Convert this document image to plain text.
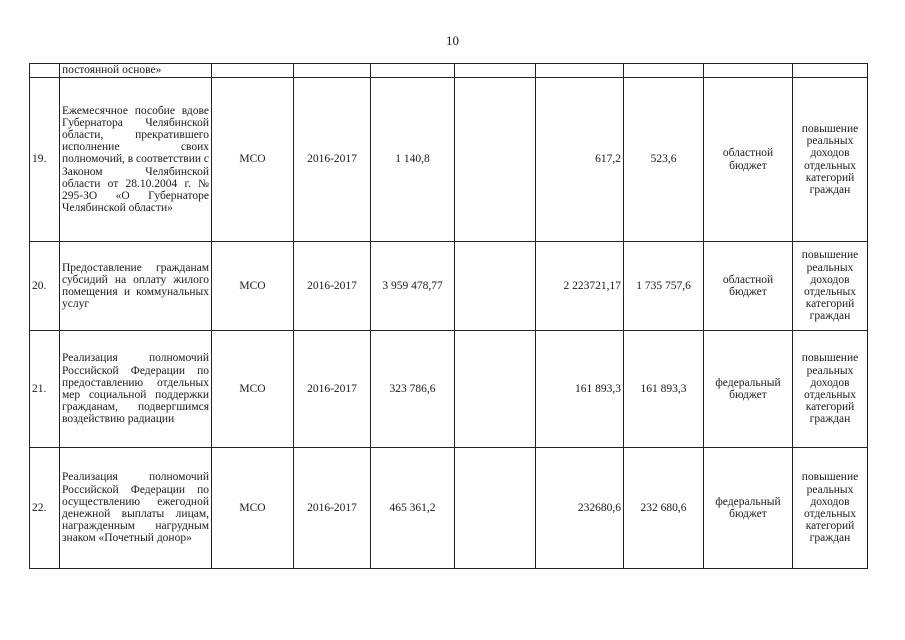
10
	постоянной основе»								
19.	Ежемесячное пособие вдове Губернатора Челябинской области, прекратившего исполнение своих полномочий, в соответствии с Законом Челябинской области от 28.10.2004 г. № 295-ЗО «О Губернаторе Челябинской области»	МСО	2016-2017	1 140,8		617,2	523,6	областной бюджет	повышение реальных доходов отдельных категорий граждан
20.	Предоставление гражданам субсидий на оплату жилого помещения и коммунальных услуг	МСО	2016-2017	3 959 478,77		2 223721,17	1 735 757,6	областной бюджет	повышение реальных доходов отдельных категорий граждан
21.	Реализация полномочий Российской Федерации по предоставлению отдельных мер социальной поддержки гражданам, подвергшимся воздействию радиации	МСО	2016-2017	323 786,6		161 893,3	161 893,3	федеральный бюджет	повышение реальных доходов отдельных категорий граждан
22.	Реализация полномочий Российской Федерации по осуществлению ежегодной денежной выплаты лицам, награжденным нагрудным знаком «Почетный донор»	МСО	2016-2017	465 361,2		232680,6	232 680,6	федеральный бюджет	повышение реальных доходов отдельных категорий граждан
